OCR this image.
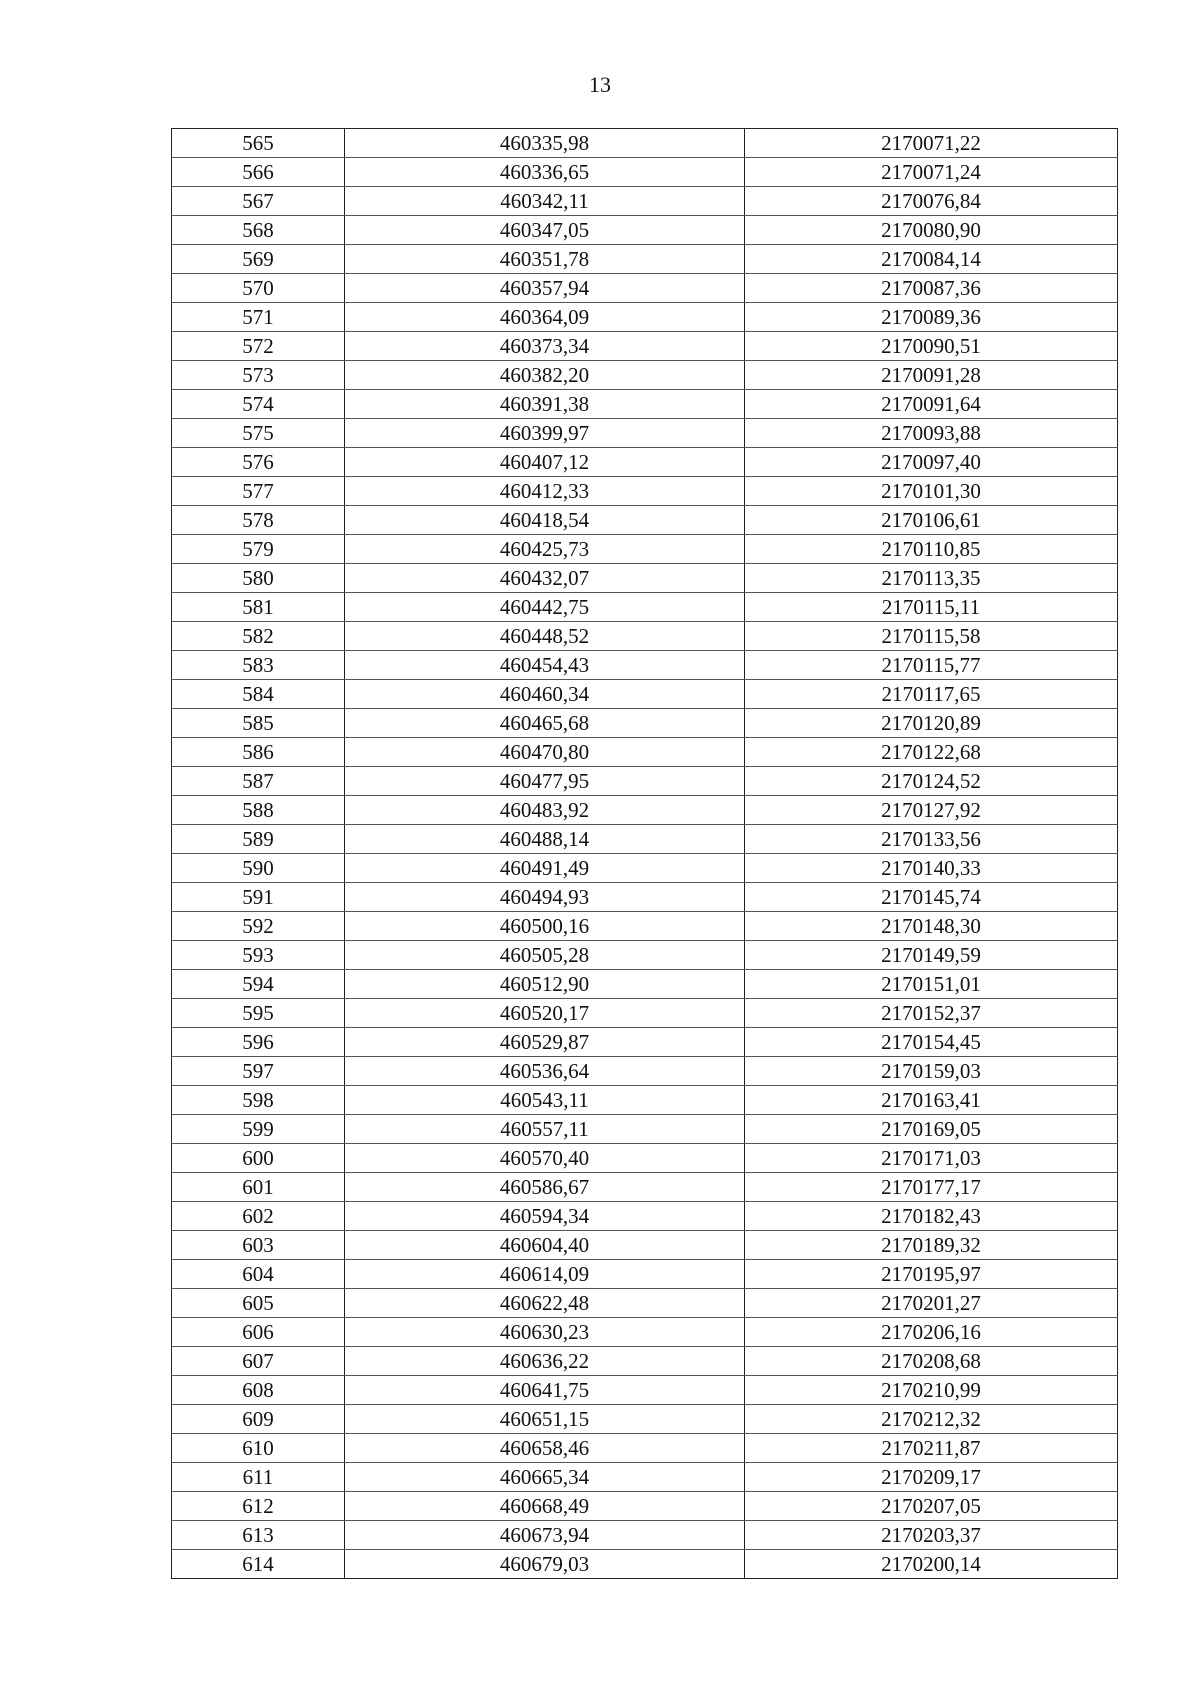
13
565	460335,98	2170071,22
566	460336,65	2170071,24
567	460342,11	2170076,84
568	460347,05	2170080,90
569	460351,78	2170084,14
570	460357,94	2170087,36
571	460364,09	2170089,36
572	460373,34	2170090,51
573	460382,20	2170091,28
574	460391,38	2170091,64
575	460399,97	2170093,88
576	460407,12	2170097,40
577	460412,33	2170101,30
578	460418,54	2170106,61
579	460425,73	2170110,85
580	460432,07	2170113,35
581	460442,75	2170115,11
582	460448,52	2170115,58
583	460454,43	2170115,77
584	460460,34	2170117,65
585	460465,68	2170120,89
586	460470,80	2170122,68
587	460477,95	2170124,52
588	460483,92	2170127,92
589	460488,14	2170133,56
590	460491,49	2170140,33
591	460494,93	2170145,74
592	460500,16	2170148,30
593	460505,28	2170149,59
594	460512,90	2170151,01
595	460520,17	2170152,37
596	460529,87	2170154,45
597	460536,64	2170159,03
598	460543,11	2170163,41
599	460557,11	2170169,05
600	460570,40	2170171,03
601	460586,67	2170177,17
602	460594,34	2170182,43
603	460604,40	2170189,32
604	460614,09	2170195,97
605	460622,48	2170201,27
606	460630,23	2170206,16
607	460636,22	2170208,68
608	460641,75	2170210,99
609	460651,15	2170212,32
610	460658,46	2170211,87
611	460665,34	2170209,17
612	460668,49	2170207,05
613	460673,94	2170203,37
614	460679,03	2170200,14
